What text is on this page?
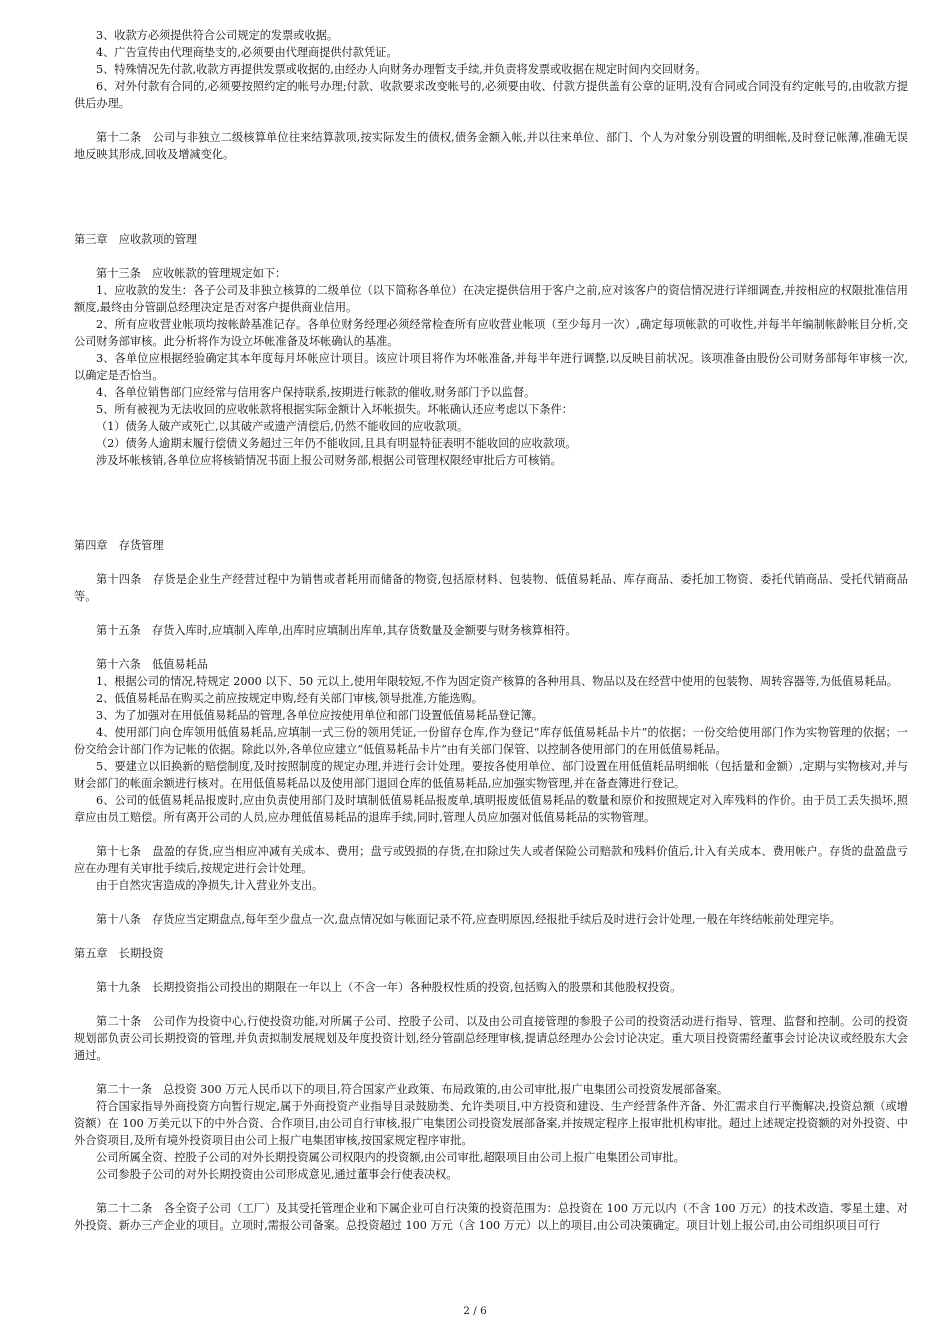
3、收款方必须提供符合公司规定的发票或收据。

4、广告宣传由代理商垫支的,必须要由代理商提供付款凭证。

5、特殊情况先付款,收款方再提供发票或收据的,由经办人向财务办理暂支手续,并负责将发票或收据在规定时间内交回财务。

6、对外付款有合同的,必须要按照约定的帐号办理;付款、收款要求改变帐号的,必须要由收、付款方提供盖有公章的证明,没有合同或合同没有约定帐号的,由收款方提供后办理。

第十二条　公司与非独立二级核算单位往来结算款项,按实际发生的债权,债务金额入帐,并以往来单位、部门、个人为对象分别设置的明细帐,及时登记帐薄,准确无误地反映其形成,回收及增减变化。

第三章　应收款项的管理

第十三条　应收帐款的管理规定如下：

1、应收款的发生：各子公司及非独立核算的二级单位（以下简称各单位）在决定提供信用于客户之前,应对该客户的资信情况进行详细调查,并按相应的权限批准信用额度,最终由分管副总经理决定是否对客户提供商业信用。

2、所有应收营业帐项均按帐龄基准记存。各单位财务经理必须经常检查所有应收营业帐项（至少每月一次）,确定每项帐款的可收性,并每半年编制帐龄帐目分析,交公司财务部审核。此分析将作为设立坏帐准备及坏帐确认的基准。

3、各单位应根据经验确定其本年度每月坏帐应计项目。该应计项目将作为坏帐准备,并每半年进行调整,以反映目前状况。该项准备由股份公司财务部每年审核一次,以确定是否恰当。

4、各单位销售部门应经常与信用客户保持联系,按期进行帐款的催收,财务部门予以监督。

5、所有被视为无法收回的应收帐款将根据实际金额计入坏帐损失。坏帐确认还应考虑以下条件：

（1）债务人破产或死亡,以其破产或遗产清偿后,仍然不能收回的应收款项。

（2）债务人逾期末履行偿债义务超过三年仍不能收回,且具有明显特征表明不能收回的应收款项。

涉及坏帐核销,各单位应将核销情况书面上报公司财务部,根据公司管理权限经审批后方可核销。

第四章　存货管理

第十四条　存货是企业生产经营过程中为销售或者耗用而储备的物资,包括原材料、包装物、低值易耗品、库存商品、委托加工物资、委托代销商品、受托代销商品等。

第十五条　存货入库时,应填制入库单,出库时应填制出库单,其存货数量及金额要与财务核算相符。

第十六条　低值易耗品

1、根据公司的情况,特规定 2000 以下、50 元以上,使用年限较短,不作为固定资产核算的各种用具、物品以及在经营中使用的包装物、周转容器等,为低值易耗品。

2、低值易耗品在购买之前应按规定申购,经有关部门审核,领导批准,方能选购。

3、为了加强对在用低值易耗品的管理,各单位应按使用单位和部门设置低值易耗品登记簿。

4、使用部门向仓库领用低值易耗品,应填制一式三份的领用凭证,一份留存仓库,作为登记“库存低值易耗品卡片”的依据；一份交给使用部门作为实物管理的依据；一份交给会计部门作为记帐的依据。除此以外,各单位应建立“低值易耗品卡片”由有关部门保管、以控制各使用部门的在用低值易耗品。

5、要建立以旧换新的赔偿制度,及时按照制度的规定办理,并进行会计处理。要按各使用单位、部门设置在用低值耗品明细帐（包括量和金额）,定期与实物核对,并与财会部门的帐面余额进行核对。在用低值易耗品以及使用部门退回仓库的低值易耗品,应加强实物管理,并在备查簿进行登记。

6、公司的低值易耗品报废时,应由负责使用部门及时填制低值易耗品报废单,填明报废低值易耗品的数量和原价和按照规定对入库残料的作价。由于员工丢失损坏,照章应由员工赔偿。所有离开公司的人员,应办理低值易耗品的退库手续,同时,管理人员应加强对低值易耗品的实物管理。

第十七条　盘盈的存货,应当相应冲减有关成本、费用；盘亏或毁损的存货,在扣除过失人或者保险公司赔款和残料价值后,计入有关成本、费用帐户。存货的盘盈盘亏应在办理有关审批手续后,按规定进行会计处理。

由于自然灾害造成的净损失,计入营业外支出。

第十八条　存货应当定期盘点,每年至少盘点一次,盘点情况如与帐面记录不符,应查明原因,经报批手续后及时进行会计处理,一般在年终结帐前处理完毕。

第五章　长期投资

第十九条　长期投资指公司投出的期限在一年以上（不含一年）各种股权性质的投资,包括购入的股票和其他股权投资。

第二十条　公司作为投资中心,行使投资功能,对所属子公司、控股子公司、以及由公司直接管理的参股子公司的投资活动进行指导、管理、监督和控制。公司的投资规划部负责公司长期投资的管理,并负责拟制发展规划及年度投资计划,经分管副总经理审核,提请总经理办公会讨论决定。重大项目投资需经董事会讨论决议或经股东大会通过。

第二十一条　总投资 300 万元人民币以下的项目,符合国家产业政策、布局政策的,由公司审批,报广电集团公司投资发展部备案。

符合国家指导外商投资方向暂行规定,属于外商投资产业指导目录鼓励类、允许类项目,中方投资和建设、生产经营条件齐备、外汇需求自行平衡解决,投资总额（或增资额）在 100 万美元以下的中外合资、合作项目,由公司自行审核,报广电集团公司投资发展部备案,并按规定程序上报审批机构审批。超过上述规定投资额的对外投资、中外合资项目,及所有境外投资项目由公司上报广电集团审核,按国家规定程序审批。

公司所属全资、控股子公司的对外长期投资属公司权限内的投资额,由公司审批,超限项目由公司上报广电集团公司审批。

公司参股子公司的对外长期投资由公司形成意见,通过董事会行使表决权。

第二十二条　各全资子公司（工厂）及其受托管理企业和下属企业可自行决策的投资范围为：总投资在 100 万元以内（不含 100 万元）的技术改造、零星土建、对外投资、新办三产企业的项目。立项时,需报公司备案。总投资超过 100 万元（含 100 万元）以上的项目,由公司决策确定。项目计划上报公司,由公司组织项目可行

2 / 6
